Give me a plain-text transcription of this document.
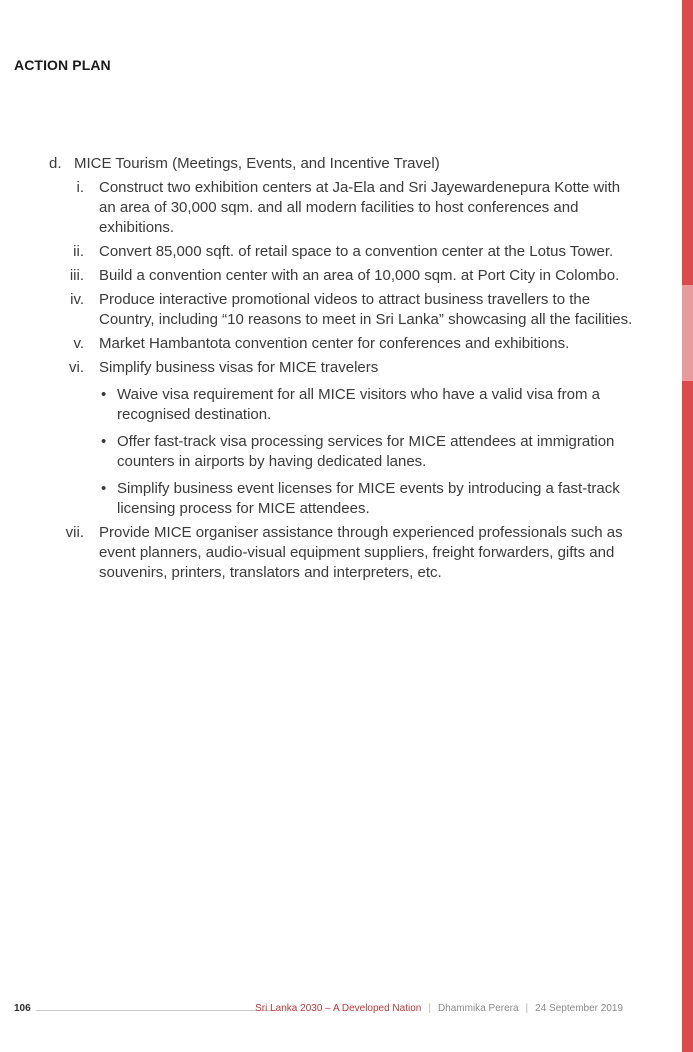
ACTION PLAN
d. MICE Tourism (Meetings, Events, and Incentive Travel)
i. Construct two exhibition centers at Ja-Ela and Sri Jayewardenepura Kotte with an area of 30,000 sqm. and all modern facilities to host conferences and exhibitions.
ii. Convert 85,000 sqft. of retail space to a convention center at the Lotus Tower.
iii. Build a convention center with an area of 10,000 sqm. at Port City in Colombo.
iv. Produce interactive promotional videos to attract business travellers to the Country, including “10 reasons to meet in Sri Lanka” showcasing all the facilities.
v. Market Hambantota convention center for conferences and exhibitions.
vi. Simplify business visas for MICE travelers
• Waive visa requirement for all MICE visitors who have a valid visa from a recognised destination.
• Offer fast-track visa processing services for MICE attendees at immigration counters in airports by having dedicated lanes.
• Simplify business event licenses for MICE events by introducing a fast-track licensing process for MICE attendees.
vii. Provide MICE organiser assistance through experienced professionals such as event planners, audio-visual equipment suppliers, freight forwarders, gifts and souvenirs, printers, translators and interpreters, etc.
106	Sri Lanka 2030 – A Developed Nation | Dhammika Perera | 24 September 2019
